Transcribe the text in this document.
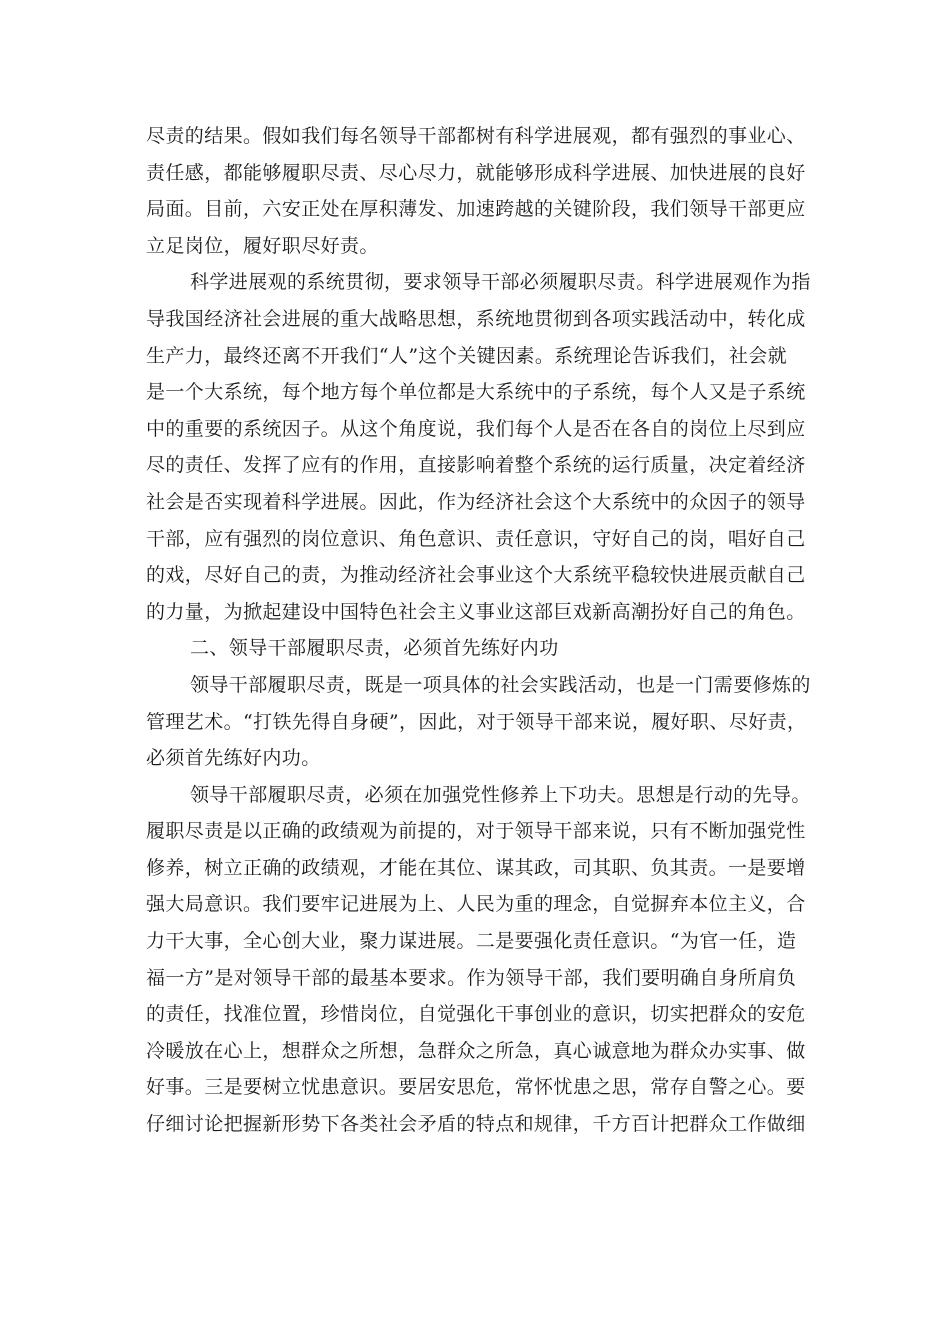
尽责的结果。假如我们每名领导干部都树有科学进展观，都有强烈的事业心、
责任感，都能够履职尽责、尽心尽力，就能够形成科学进展、加快进展的良好
局面。目前，六安正处在厚积薄发、加速跨越的关键阶段，我们领导干部更应
立足岗位，履好职尽好责。
科学进展观的系统贯彻，要求领导干部必须履职尽责。科学进展观作为指
导我国经济社会进展的重大战略思想，系统地贯彻到各项实践活动中，转化成
生产力，最终还离不开我们“人”这个关键因素。系统理论告诉我们，社会就
是一个大系统，每个地方每个单位都是大系统中的子系统，每个人又是子系统
中的重要的系统因子。从这个角度说，我们每个人是否在各自的岗位上尽到应
尽的责任、发挥了应有的作用，直接影响着整个系统的运行质量，决定着经济
社会是否实现着科学进展。因此，作为经济社会这个大系统中的众因子的领导
干部，应有强烈的岗位意识、角色意识、责任意识，守好自己的岗，唱好自己
的戏，尽好自己的责，为推动经济社会事业这个大系统平稳较快进展贡献自己
的力量，为掀起建设中国特色社会主义事业这部巨戏新高潮扮好自己的角色。
二、领导干部履职尽责，必须首先练好内功
领导干部履职尽责，既是一项具体的社会实践活动，也是一门需要修炼的
管理艺术。“打铁先得自身硬”，因此，对于领导干部来说，履好职、尽好责，
必须首先练好内功。
领导干部履职尽责，必须在加强党性修养上下功夫。思想是行动的先导。
履职尽责是以正确的政绩观为前提的，对于领导干部来说，只有不断加强党性
修养，树立正确的政绩观，才能在其位、谋其政，司其职、负其责。一是要增
强大局意识。我们要牢记进展为上、人民为重的理念，自觉摒弃本位主义，合
力干大事，全心创大业，聚力谋进展。二是要强化责任意识。“为官一任，造
福一方”是对领导干部的最基本要求。作为领导干部，我们要明确自身所肩负
的责任，找准位置，珍惜岗位，自觉强化干事创业的意识，切实把群众的安危
冷暖放在心上，想群众之所想，急群众之所急，真心诚意地为群众办实事、做
好事。三是要树立忧患意识。要居安思危，常怀忧患之思，常存自警之心。要
仔细讨论把握新形势下各类社会矛盾的特点和规律，千方百计把群众工作做细
